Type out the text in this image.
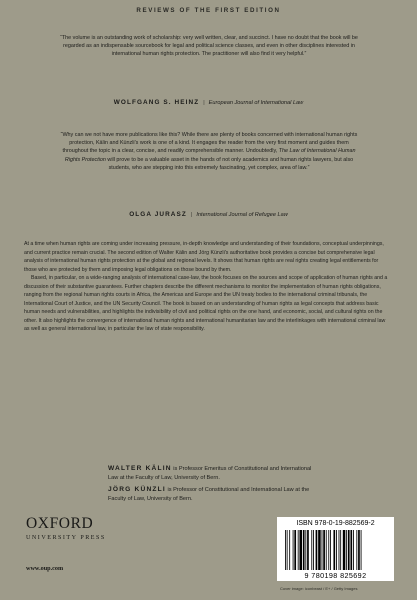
REVIEWS OF THE FIRST EDITION
“The volume is an outstanding work of scholarship: very well written, clear, and succinct. I have no doubt that the book will be regarded as an indispensable sourcebook for legal and political science classes, and even in other disciplines interested in international human rights protection. The practitioner will also find it very helpful.”
WOLFGANG S. HEINZ | European Journal of International Law
“Why can we not have more publications like this? While there are plenty of books concerned with international human rights protection, Kälin and Künzli's work is one of a kind. It engages the reader from the very first moment and guides them throughout the topic in a clear, concise, and readily comprehensible manner. Undoubtedly, The Law of International Human Rights Protection will prove to be a valuable asset in the hands of not only academics and human rights lawyers, but also students, who are stepping into this extremely fascinating, yet complex, area of law.”
OLGA JURASZ | International Journal of Refugee Law

At a time when human rights are coming under increasing pressure, in-depth knowledge and understanding of their foundations, conceptual underpinnings, and current practice remain crucial. The second edition of Walter Kälin and Jörg Künzli's authoritative book provides a concise but comprehensive legal analysis of international human rights protection at the global and regional levels. It shows that human rights are real rights creating legal entitlements for those who are protected by them and imposing legal obligations on those bound by them.

Based, in particular, on a wide-ranging analysis of international case-law, the book focuses on the sources and scope of application of human rights and a discussion of their substantive guarantees. Further chapters describe the different mechanisms to monitor the implementation of human rights obligations, ranging from the regional human rights courts in Africa, the Americas and Europe and the UN treaty bodies to the international criminal tribunals, the International Court of Justice, and the UN Security Council. The book is based on an understanding of human rights as legal concepts that address basic human needs and vulnerabilities, and highlights the indivisibility of civil and political rights on the one hand, and economic, social, and cultural rights on the other. It also highlights the convergence of international human rights and international humanitarian law and the interlinkages with international criminal law as well as general international law, in particular the law of state responsibility.

WALTER KÄLIN is Professor Emeritus of Constitutional and International Law at the Faculty of Law, University of Bern.
JÖRG KÜNZLI is Professor of Constitutional and International Law at the Faculty of Law, University of Bern.
OXFORD
UNIVERSITY PRESS
www.oup.com
ISBN 978-0-19-882569-2
9 780198 825692
Cover image: iconbeast / E+ / Getty Images
